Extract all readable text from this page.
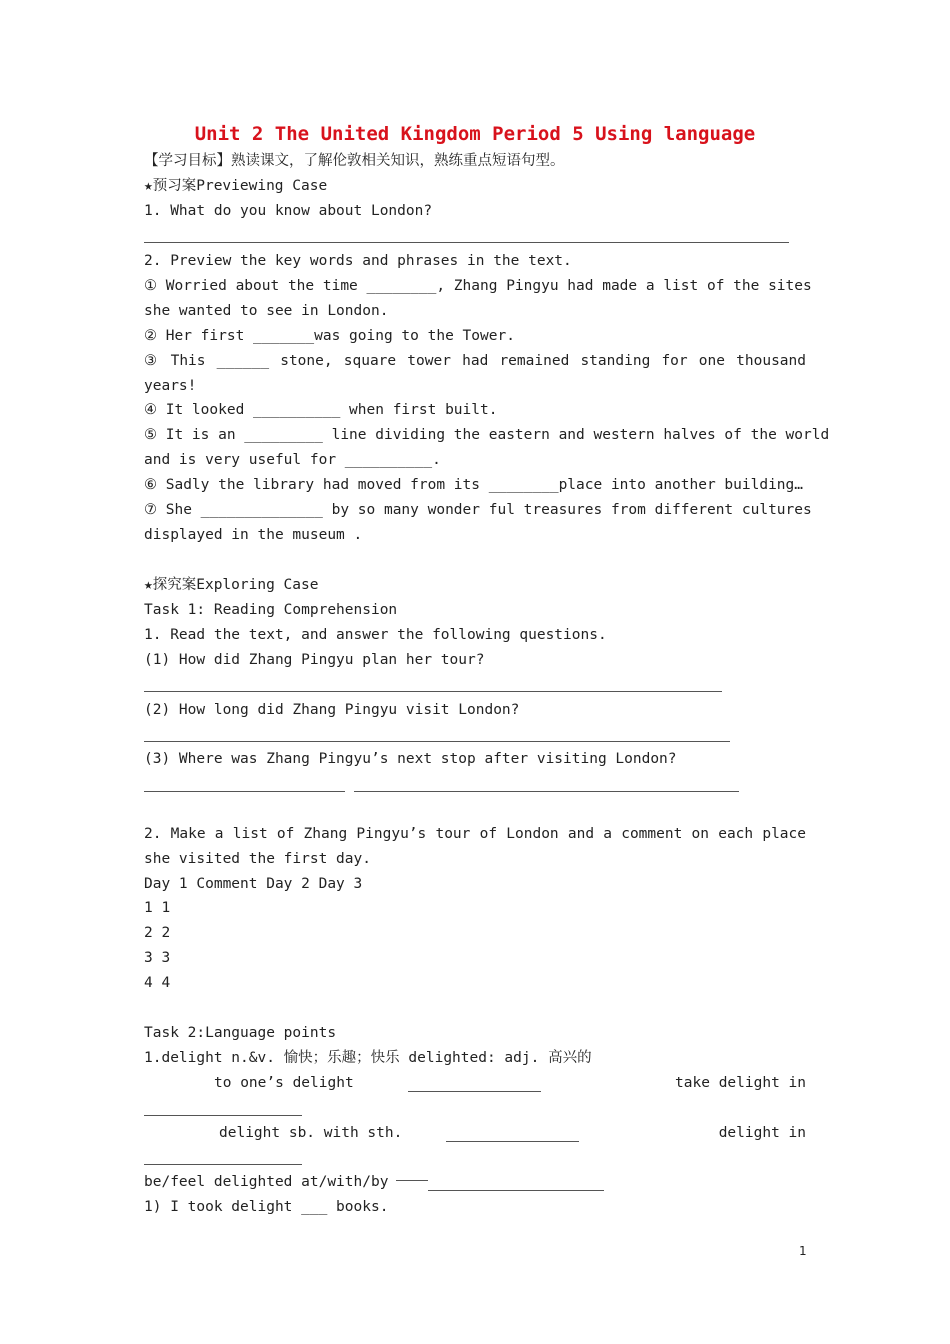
Unit 2 The United Kingdom Period 5 Using language
【学习目标】熟读课文，了解伦敦相关知识，熟练重点短语句型。
★预习案Previewing Case
1. What do you know about London?
2. Preview the key words and phrases in the text.
① Worried about the time ________, Zhang Pingyu had made a list of the sites
she wanted to see in London.
② Her first _______was going to the Tower.
③ This ______ stone, square tower had remained standing for one thousand
years!
④ It looked __________ when first built.
⑤ It is an _________ line dividing the eastern and western halves of the world
and is very useful for __________.
⑥ Sadly the library had moved from its ________place into another building…
⑦ She ______________ by so many wonder ful treasures from different cultures
displayed in the museum .
★探究案Exploring Case
Task 1: Reading Comprehension
1. Read the text, and answer the following questions.
(1) How did Zhang Pingyu plan her tour?
(2) How long did Zhang Pingyu visit London?
(3) Where was Zhang Pingyu’s next stop after visiting London?
2. Make a list of Zhang Pingyu’s tour of London and a comment on each place
she visited the first day.
Day 1 Comment Day 2 Day 3
1 1
2 2
3 3
4 4
Task 2:Language points
1.delight n.&v. 愉快；乐趣；快乐 delighted: adj. 高兴的
to one’s delight	take delight in
delight sb. with sth.	delight in
be/feel delighted at/with/by
1) I took delight ___ books.
1
